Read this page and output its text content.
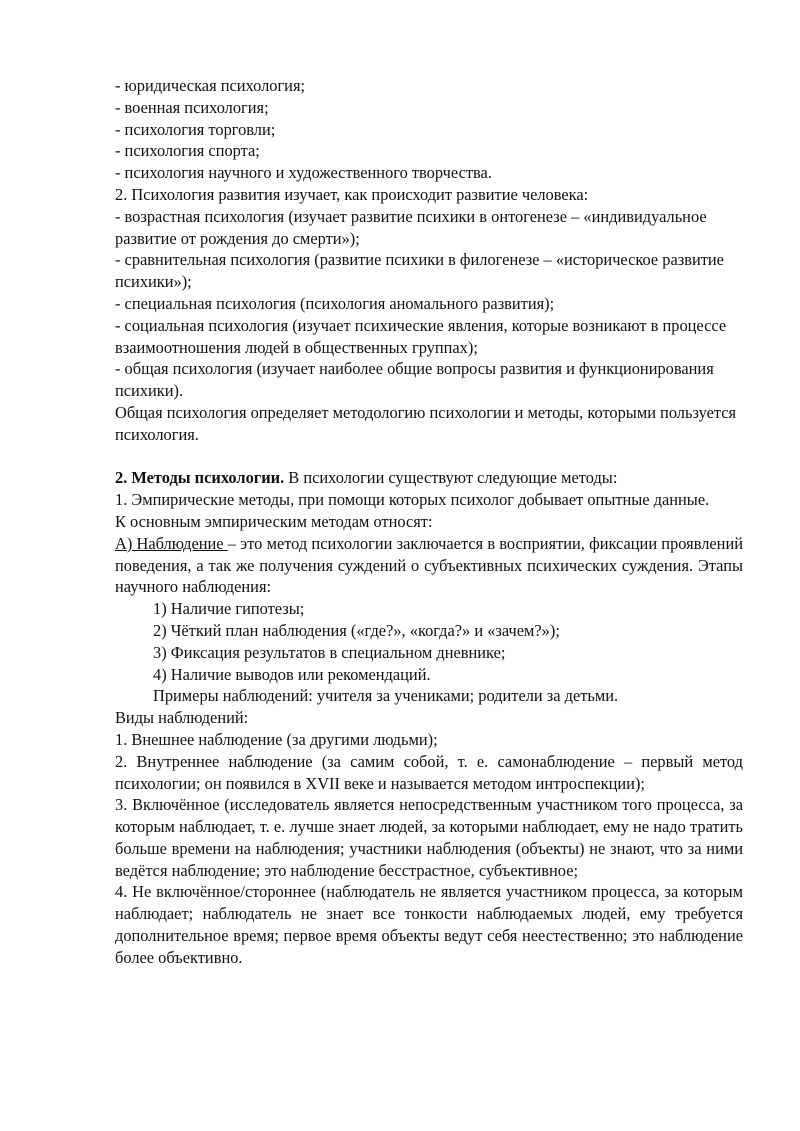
- юридическая психология;

- военная психология;

- психология торговли;

- психология спорта;

- психология научного и художественного творчества.

2. Психология развития изучает, как происходит развитие человека:

- возрастная психология (изучает развитие психики в онтогенезе – «индивидуальное развитие от рождения до смерти»);

- сравнительная психология (развитие психики в филогенезе – «историческое развитие психики»);

- специальная психология (психология аномального развития);

- социальная психология (изучает психические явления, которые возникают в процессе взаимоотношения людей в общественных группах);

- общая психология (изучает наиболее общие вопросы развития и функционирования психики).

Общая психология определяет методологию психологии и методы, которыми пользуется психология.

2. Методы психологии. В психологии существуют следующие методы:

1. Эмпирические методы, при помощи которых психолог добывает опытные данные.

К основным эмпирическим методам относят:

А) Наблюдение – это метод психологии заключается в восприятии, фиксации проявлений поведения, а так же получения суждений о субъективных психических суждения. Этапы научного наблюдения:

1) Наличие гипотезы;

2) Чёткий план наблюдения («где?», «когда?» и «зачем?»);

3) Фиксация результатов в специальном дневнике;

4) Наличие выводов или рекомендаций.

Примеры наблюдений: учителя за учениками; родители за детьми.

Виды наблюдений:

1. Внешнее наблюдение (за другими людьми);

2. Внутреннее наблюдение (за самим собой, т. е. самонаблюдение – первый метод психологии; он появился в XVII веке и называется методом интроспекции);

3. Включённое (исследователь является непосредственным участником того процесса, за которым наблюдает, т. е. лучше знает людей, за которыми наблюдает, ему не надо тратить больше времени на наблюдения; участники наблюдения (объекты) не знают, что за ними ведётся наблюдение; это наблюдение бесстрастное, субъективное;

4. Не включённое/стороннее (наблюдатель не является участником процесса, за которым наблюдает; наблюдатель не знает все тонкости наблюдаемых людей, ему требуется дополнительное время; первое время объекты ведут себя неестественно; это наблюдение более объективно.
